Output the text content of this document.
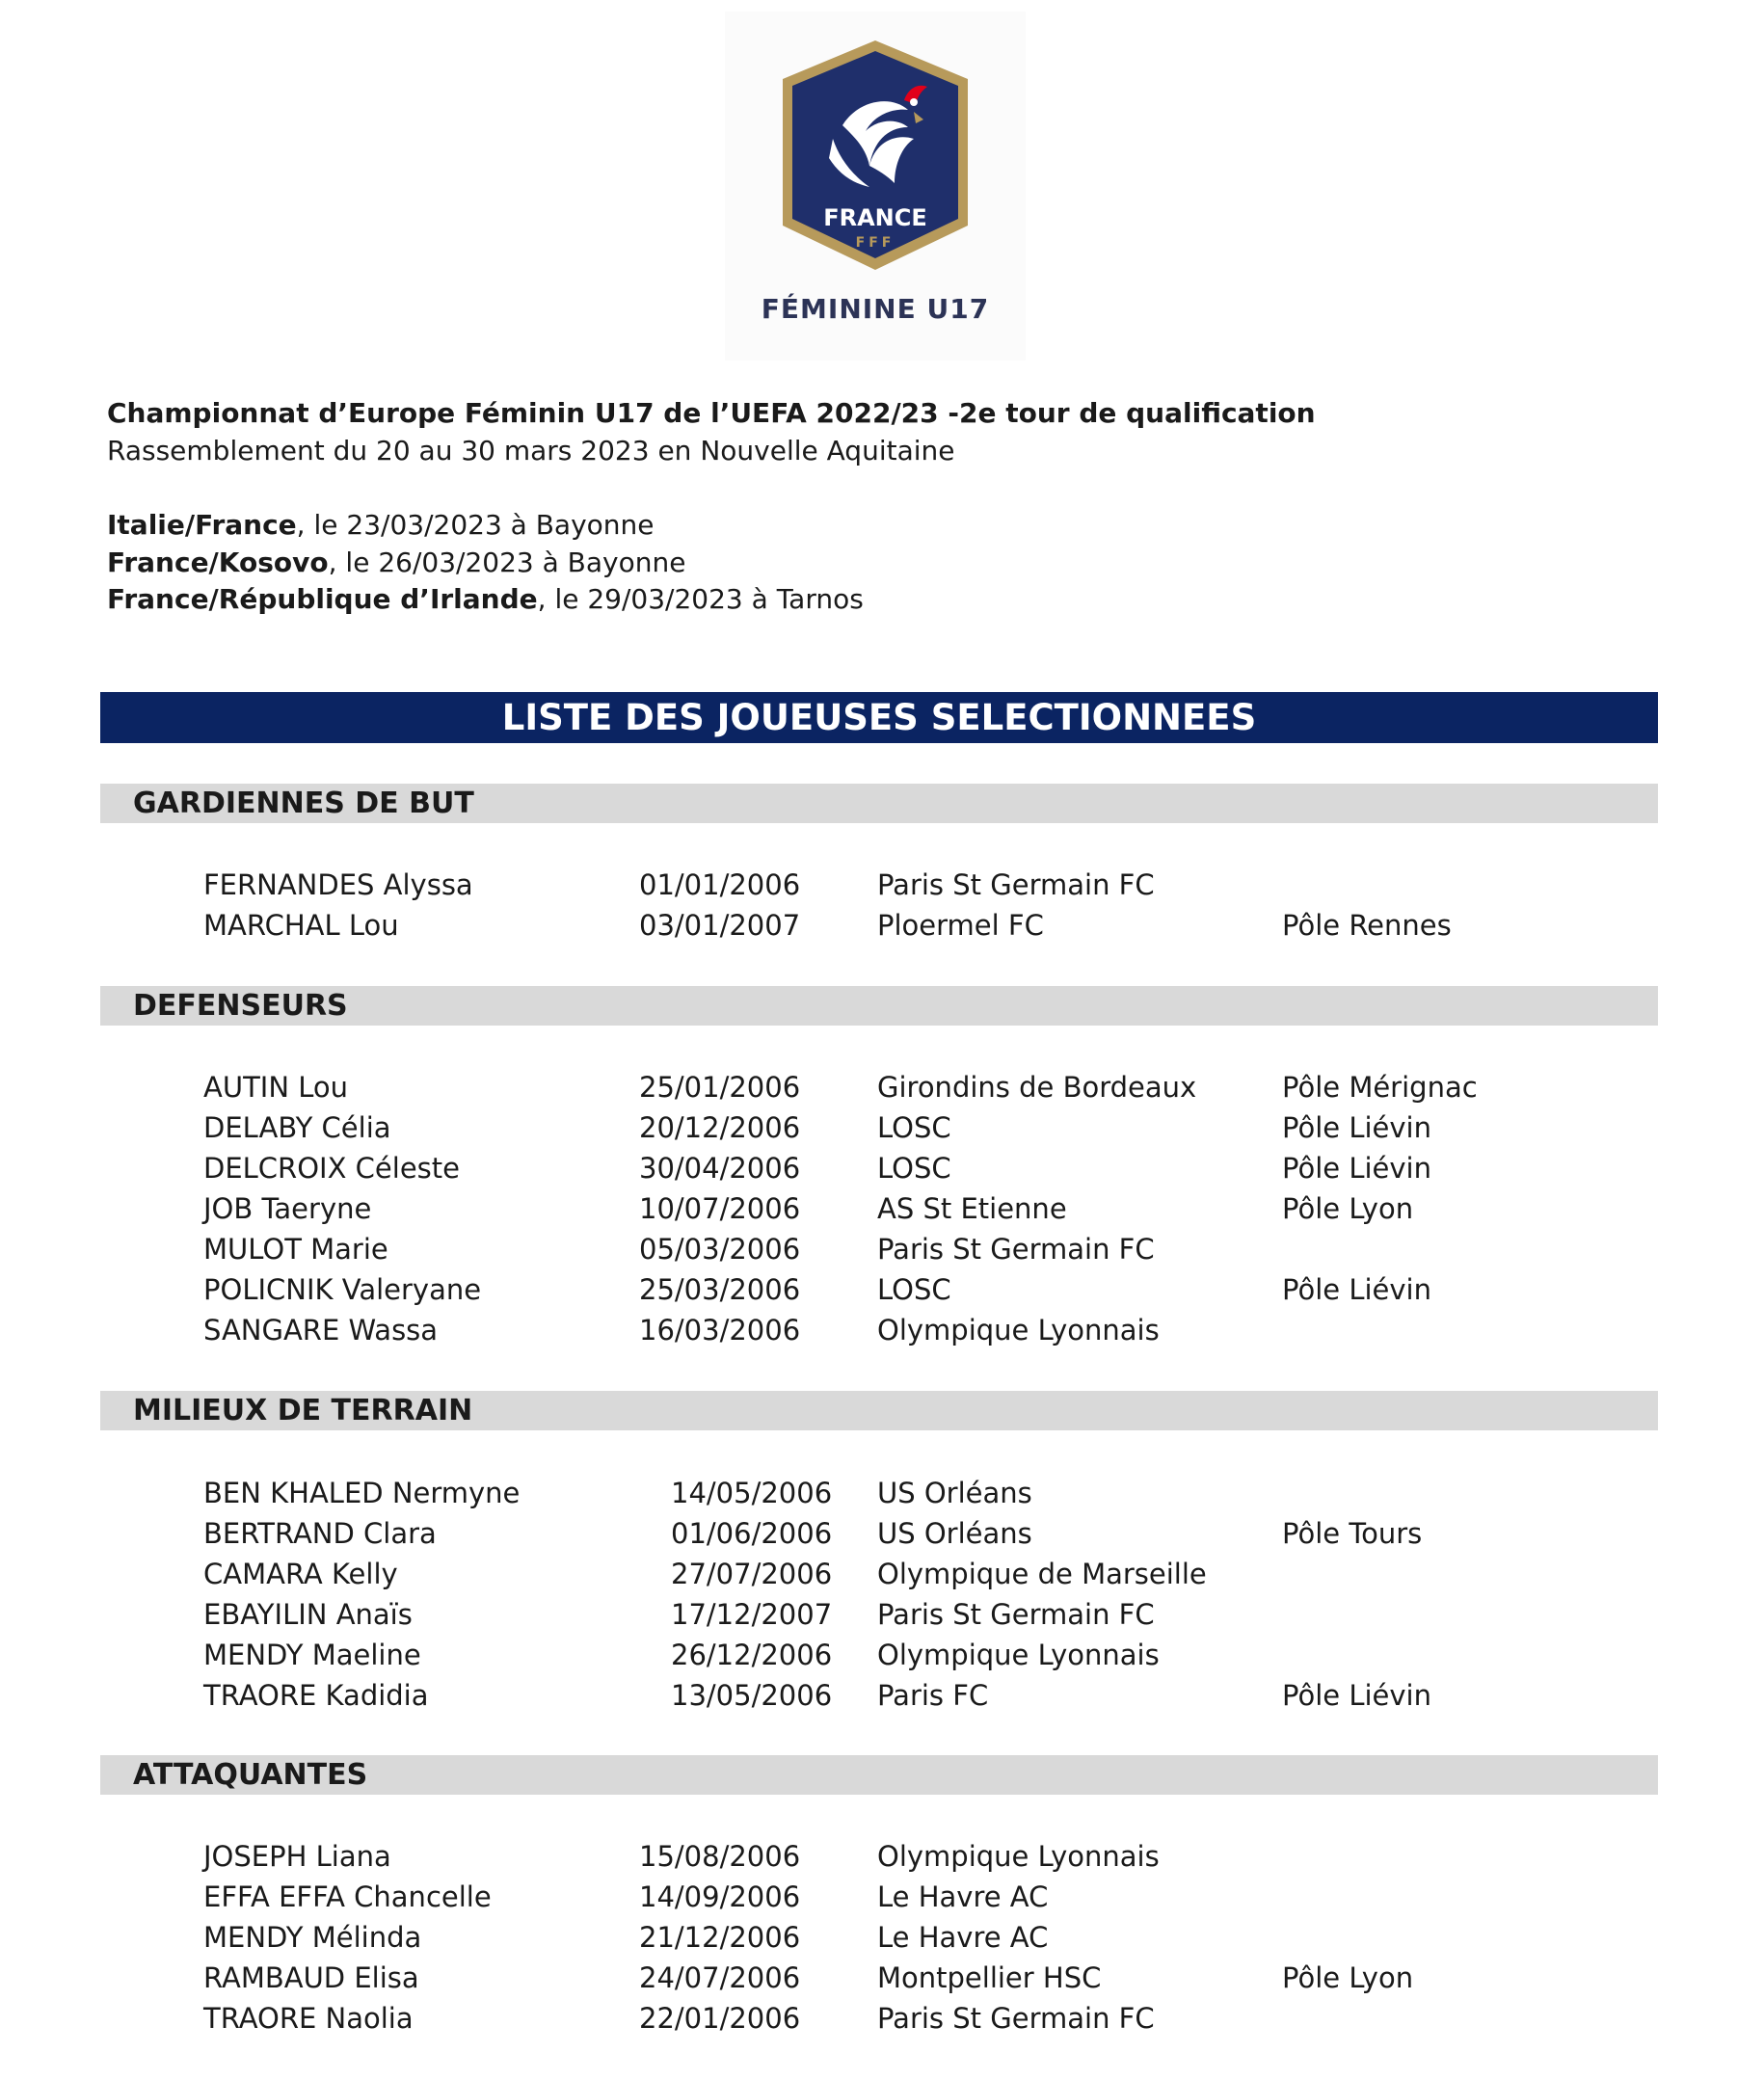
FRANCE
FFF
FÉMININE U17
Championnat d’Europe Féminin U17 de l’UEFA 2022/23 -2e tour de qualification
Rassemblement du 20 au 30 mars 2023 en Nouvelle Aquitaine
Italie/France, le 23/03/2023 à Bayonne
France/Kosovo, le 26/03/2023 à Bayonne
France/République d’Irlande, le 29/03/2023 à Tarnos
LISTE DES JOUEUSES SELECTIONNEES
GARDIENNES DE BUT
FERNANDES Alyssa	01/01/2006	Paris St Germain FC
MARCHAL Lou	03/01/2007	Ploermel FC	Pôle Rennes
DEFENSEURS
AUTIN Lou	25/01/2006	Girondins de Bordeaux	Pôle Mérignac
DELABY Célia	20/12/2006	LOSC	Pôle Liévin
DELCROIX Céleste	30/04/2006	LOSC	Pôle Liévin
JOB Taeryne	10/07/2006	AS St Etienne	Pôle Lyon
MULOT Marie	05/03/2006	Paris St Germain FC
POLICNIK Valeryane	25/03/2006	LOSC	Pôle Liévin
SANGARE Wassa	16/03/2006	Olympique Lyonnais
MILIEUX DE TERRAIN
BEN KHALED Nermyne	14/05/2006 US Orléans
BERTRAND Clara	01/06/2006 US Orléans	Pôle Tours
CAMARA Kelly	27/07/2006 Olympique de Marseille
EBAYILIN Anaïs	17/12/2007 Paris St Germain FC
MENDY Maeline	26/12/2006 Olympique Lyonnais
TRAORE Kadidia	13/05/2006 Paris FC	Pôle Liévin
ATTAQUANTES
JOSEPH Liana	15/08/2006	Olympique Lyonnais
EFFA EFFA Chancelle	14/09/2006	Le Havre AC
MENDY Mélinda	21/12/2006	Le Havre AC
RAMBAUD Elisa	24/07/2006	Montpellier HSC	Pôle Lyon
TRAORE Naolia	22/01/2006	Paris St Germain FC
